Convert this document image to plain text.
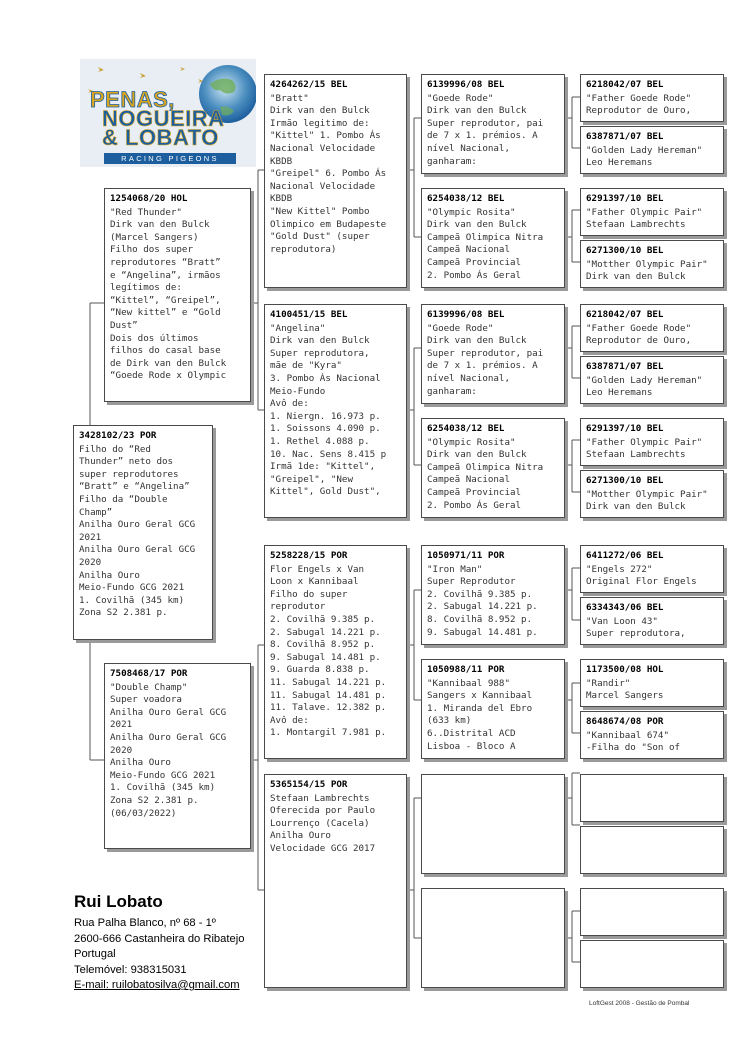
PENAS,
NOGUEIRA
& LOBATO
RACING PIGEONS
3428102/23 POR
Filho do “Red
Thunder” neto dos
super reprodutores
“Bratt” e “Angelina”
Filho da “Double
Champ”
Anilha Ouro Geral GCG
2021
Anilha Ouro Geral GCG
2020
Anilha Ouro
Meio-Fundo GCG 2021
1. Covilhã (345 km)
Zona S2 2.381 p.
1254068/20 HOL
"Red Thunder"
Dirk van den Bulck
(Marcel Sangers)
Filho dos super
reprodutores “Bratt”
e “Angelina”, irmãos
legítimos de:
“Kittel”, “Greipel”,
“New kittel” e “Gold
Dust”
Dois dos últimos
filhos do casal base
de Dirk van den Bulck
“Goede Rode x Olympic
7508468/17 POR
"Double Champ"
Super voadora
Anilha Ouro Geral GCG
2021
Anilha Ouro Geral GCG
2020
Anilha Ouro
Meio-Fundo GCG 2021
1. Covilhã (345 km)
Zona S2 2.381 p.
(06/03/2022)
4264262/15 BEL
"Bratt"
Dirk van den Bulck
Irmão legitimo de:
"Kittel" 1. Pombo Ás
Nacional Velocidade
KBDB
"Greipel" 6. Pombo Ás
Nacional Velocidade
KBDB
"New Kittel" Pombo
Olimpico em Budapeste
"Gold Dust" (super
reprodutora)
4100451/15 BEL
"Angelina"
Dirk van den Bulck
Super reprodutora,
mãe de "Kyra"
3. Pombo Ás Nacional
Meio-Fundo
Avô de:
1. Niergn. 16.973 p.
1. Soissons 4.090 p.
1. Rethel 4.088 p.
10. Nac. Sens 8.415 p
Irmã 1de: "Kittel",
"Greipel", "New
Kittel", Gold Dust",
5258228/15 POR
Flor Engels x Van
Loon x Kannibaal
Filho do super
reprodutor
2. Covilhã 9.385 p.
2. Sabugal 14.221 p.
8. Covilhã 8.952 p.
9. Sabugal 14.481 p.
9. Guarda 8.838 p.
11. Sabugal 14.221 p.
11. Sabugal 14.481 p.
11. Talave. 12.382 p.
Avô de:
1. Montargil 7.981 p.
5365154/15 POR
Stefaan Lambrechts
Oferecida por Paulo
Lourrenço (Cacela)
Anilha Ouro
Velocidade GCG 2017
6139996/08 BEL
"Goede Rode"
Dirk van den Bulck
Super reprodutor, pai
de 7 x 1. prémios. A
nível Nacional,
ganharam:
6254038/12 BEL
"Olympic Rosita"
Dirk van den Bulck
Campeã Olimpica Nitra
Campeã Nacional
Campeã Provincial
2. Pombo Ás Geral
6139996/08 BEL
"Goede Rode"
Dirk van den Bulck
Super reprodutor, pai
de 7 x 1. prémios. A
nível Nacional,
ganharam:
6254038/12 BEL
"Olympic Rosita"
Dirk van den Bulck
Campeã Olimpica Nitra
Campeã Nacional
Campeã Provincial
2. Pombo Ás Geral
1050971/11 POR
"Iron Man"
Super Reprodutor
2. Covilhã 9.385 p.
2. Sabugal 14.221 p.
8. Covilhã 8.952 p.
9. Sabugal 14.481 p.
1050988/11 POR
"Kannibaal 988"
Sangers x Kannibaal
1. Miranda del Ebro
(633 km)
6..Distrital ACD
Lisboa - Bloco A
6218042/07 BEL
"Father Goede Rode"
Reprodutor de Ouro,
6387871/07 BEL
"Golden Lady Hereman"
Leo Heremans
6291397/10 BEL
"Father Olympic Pair"
Stefaan Lambrechts
6271300/10 BEL
"Motther Olympic Pair"
Dirk van den Bulck
6218042/07 BEL
"Father Goede Rode"
Reprodutor de Ouro,
6387871/07 BEL
"Golden Lady Hereman"
Leo Heremans
6291397/10 BEL
"Father Olympic Pair"
Stefaan Lambrechts
6271300/10 BEL
"Motther Olympic Pair"
Dirk van den Bulck
6411272/06 BEL
"Engels 272"
Original Flor Engels
6334343/06 BEL
"Van Loon 43"
Super reprodutora,
1173500/08 HOL
"Randir"
Marcel Sangers
8648674/08 POR
"Kannibaal 674"
-Filha do "Son of
Rui Lobato
Rua Palha Blanco, nº 68 - 1º
2600-666 Castanheira do Ribatejo
Portugal
Telemóvel: 938315031
E-mail: ruilobatosilva@gmail.com
LoftGest 2008 - Gestão de Pombal
